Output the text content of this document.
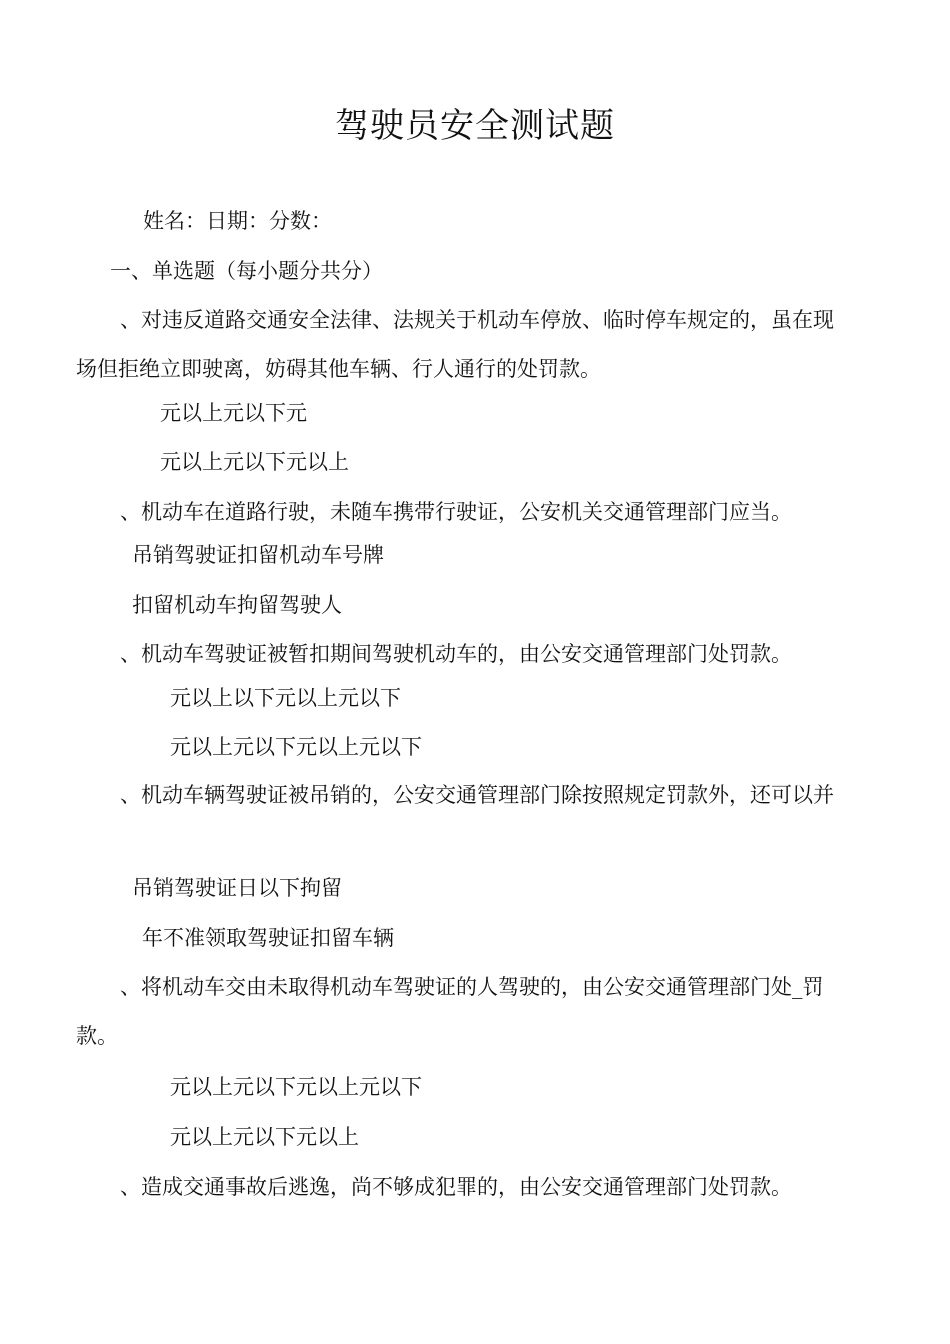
驾驶员安全测试题
姓名：日期：分数：
一、单选题（每小题分共分）
、对违反道路交通安全法律、法规关于机动车停放、临时停车规定的，虽在现
场但拒绝立即驶离，妨碍其他车辆、行人通行的处罚款。
元以上元以下元
元以上元以下元以上
、机动车在道路行驶，未随车携带行驶证，公安机关交通管理部门应当。
吊销驾驶证扣留机动车号牌
扣留机动车拘留驾驶人
、机动车驾驶证被暂扣期间驾驶机动车的，由公安交通管理部门处罚款。
元以上以下元以上元以下
元以上元以下元以上元以下
、机动车辆驾驶证被吊销的，公安交通管理部门除按照规定罚款外，还可以并
吊销驾驶证日以下拘留
年不准领取驾驶证扣留车辆
、将机动车交由未取得机动车驾驶证的人驾驶的，由公安交通管理部门处_罚
款。
元以上元以下元以上元以下
元以上元以下元以上
、造成交通事故后逃逸，尚不够成犯罪的，由公安交通管理部门处罚款。
